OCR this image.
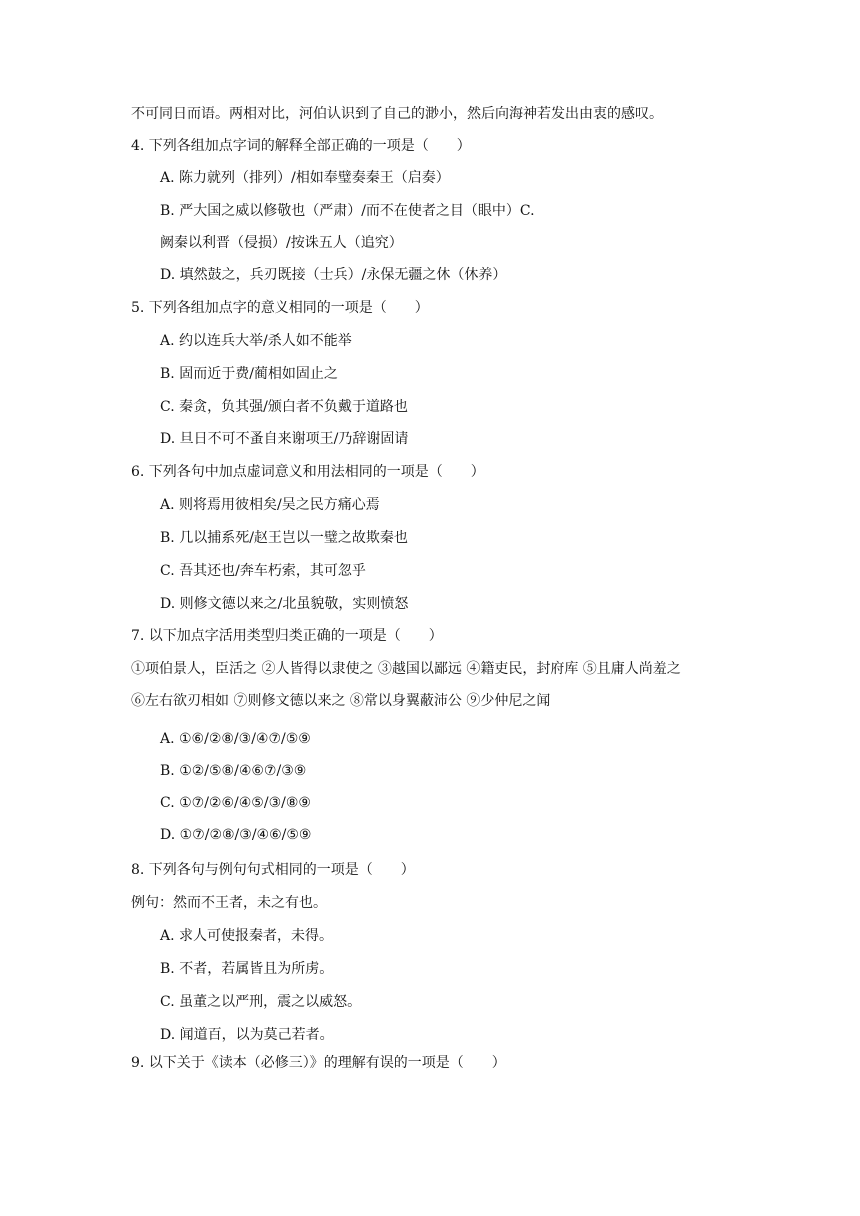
不可同日而语。两相对比，河伯认识到了自己的渺小，然后向海神若发出由衷的感叹。
4. 下列各组加点字词的解释全部正确的一项是（　　）
A. 陈力就列（排列）/相如奉璧奏秦王（启奏）
B. 严大国之威以修敬也（严肃）/而不在使者之目（眼中）C.
阙秦以利晋（侵损）/按诛五人（追究）
D. 填然鼓之，兵刃既接（士兵）/永保无疆之休（休养）
5. 下列各组加点字的意义相同的一项是（　　）
A. 约以连兵大举/杀人如不能举
B. 固而近于费/蔺相如固止之
C. 秦贪，负其强/颁白者不负戴于道路也
D. 旦日不可不蚤自来谢项王/乃辞谢固请
6. 下列各句中加点虚词意义和用法相同的一项是（　　）
A. 则将焉用彼相矣/吴之民方痛心焉
B. 几以捕系死/赵王岂以一璧之故欺秦也
C. 吾其还也/奔车朽索，其可忽乎
D. 则修文德以来之/北虽貌敬，实则愤怒
7. 以下加点字活用类型归类正确的一项是（　　）
①项伯景人，臣活之 ②人皆得以隶使之 ③越国以鄙远 ④籍吏民，封府库 ⑤且庸人尚羞之
⑥左右欲刃相如 ⑦则修文德以来之 ⑧常以身翼蔽沛公 ⑨少仲尼之闻
A. ①⑥/②⑧/③/④⑦/⑤⑨
B. ①②/⑤⑧/④⑥⑦/③⑨
C. ①⑦/②⑥/④⑤/③/⑧⑨
D. ①⑦/②⑧/③/④⑥/⑤⑨
8. 下列各句与例句句式相同的一项是（　　）
例句：然而不王者，未之有也。
A. 求人可使报秦者，未得。
B. 不者，若属皆且为所虏。
C. 虽董之以严刑，震之以威怒。
D. 闻道百，以为莫己若者。
9. 以下关于《读本（必修三）》的理解有误的一项是（　　）
